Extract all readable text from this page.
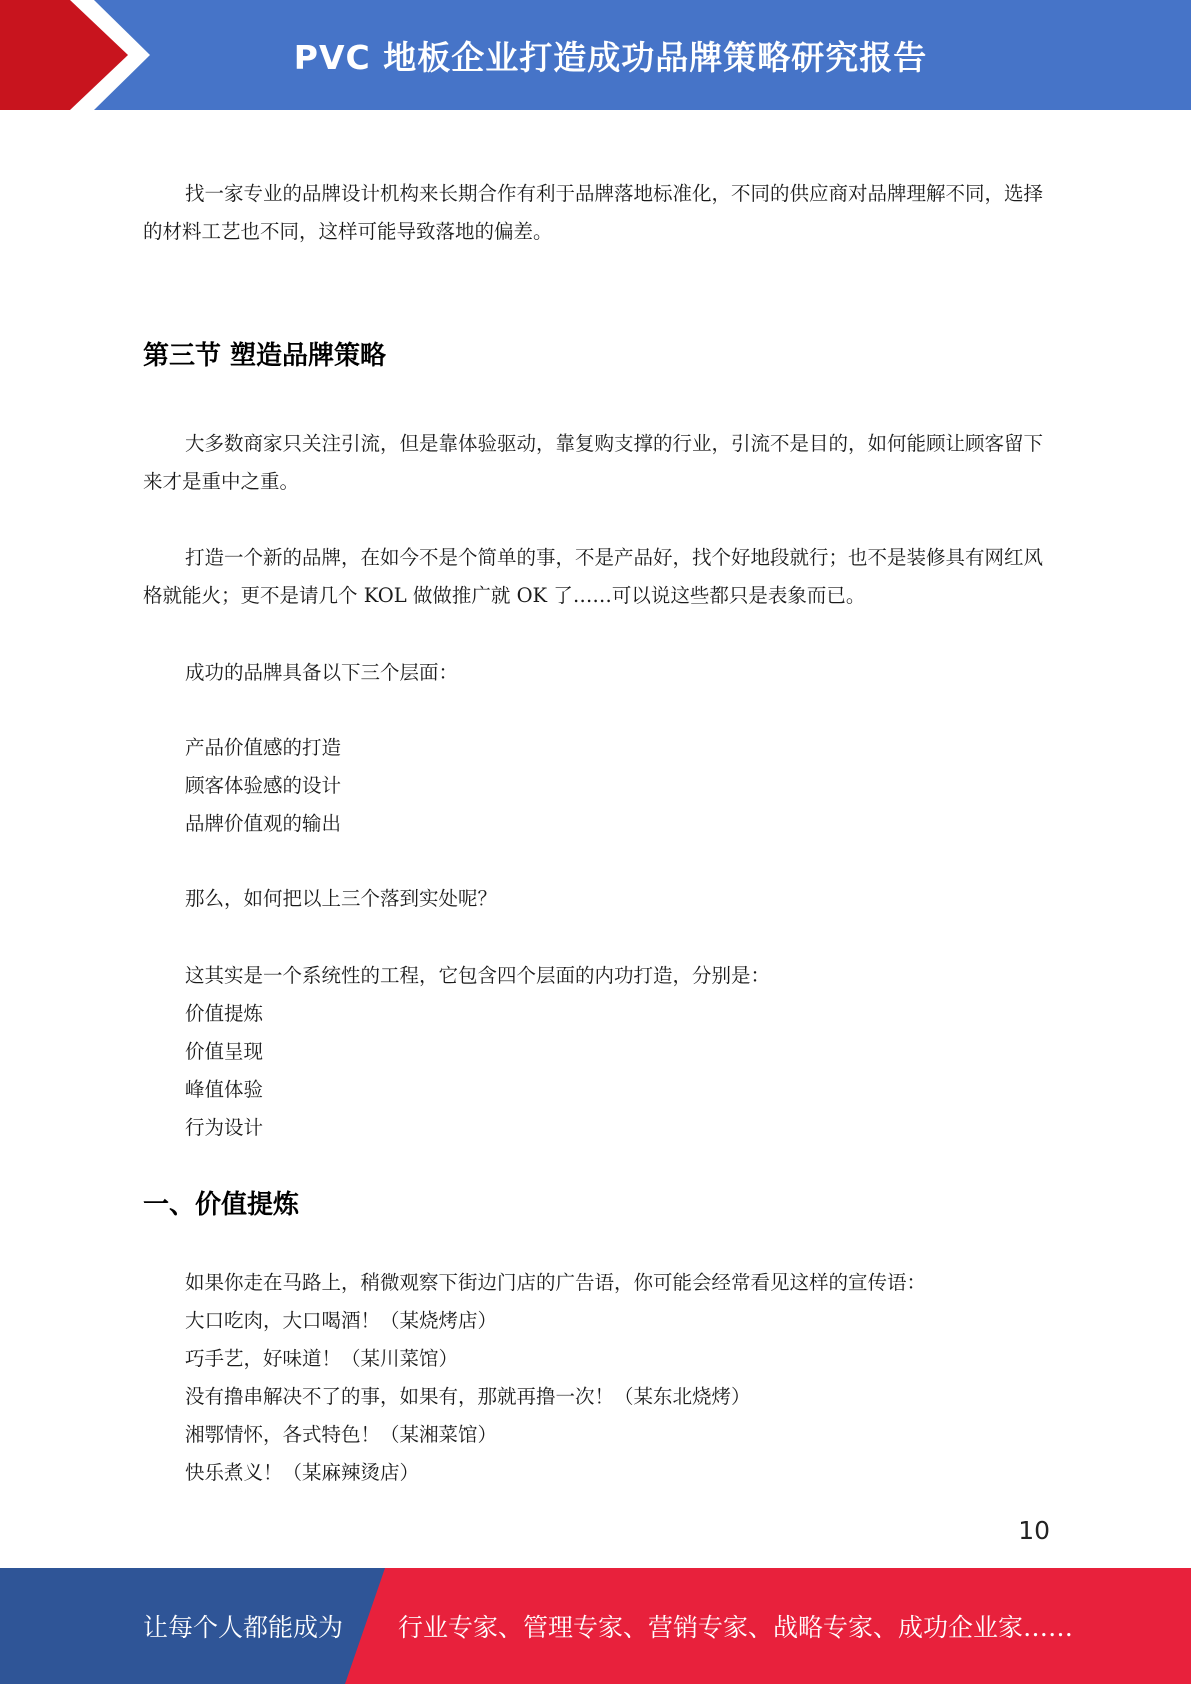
PVC 地板企业打造成功品牌策略研究报告
找一家专业的品牌设计机构来长期合作有利于品牌落地标准化，不同的供应商对品牌理解不同，选择的材料工艺也不同，这样可能导致落地的偏差。
第三节 塑造品牌策略
大多数商家只关注引流，但是靠体验驱动，靠复购支撑的行业，引流不是目的，如何能顾让顾客留下来才是重中之重。
打造一个新的品牌，在如今不是个简单的事，不是产品好，找个好地段就行；也不是装修具有网红风格就能火；更不是请几个 KOL 做做推广就 OK 了……可以说这些都只是表象而已。
成功的品牌具备以下三个层面：
产品价值感的打造
顾客体验感的设计
品牌价值观的输出
那么，如何把以上三个落到实处呢？
这其实是一个系统性的工程，它包含四个层面的内功打造，分别是：
价值提炼
价值呈现
峰值体验
行为设计
一、价值提炼
如果你走在马路上，稍微观察下街边门店的广告语，你可能会经常看见这样的宣传语：
大口吃肉，大口喝酒！（某烧烤店）
巧手艺，好味道！（某川菜馆）
没有撸串解决不了的事，如果有，那就再撸一次！（某东北烧烤）
湘鄂情怀，各式特色！（某湘菜馆）
快乐煮义！（某麻辣烫店）
10
让每个人都能成为 行业专家、管理专家、营销专家、战略专家、成功企业家……
